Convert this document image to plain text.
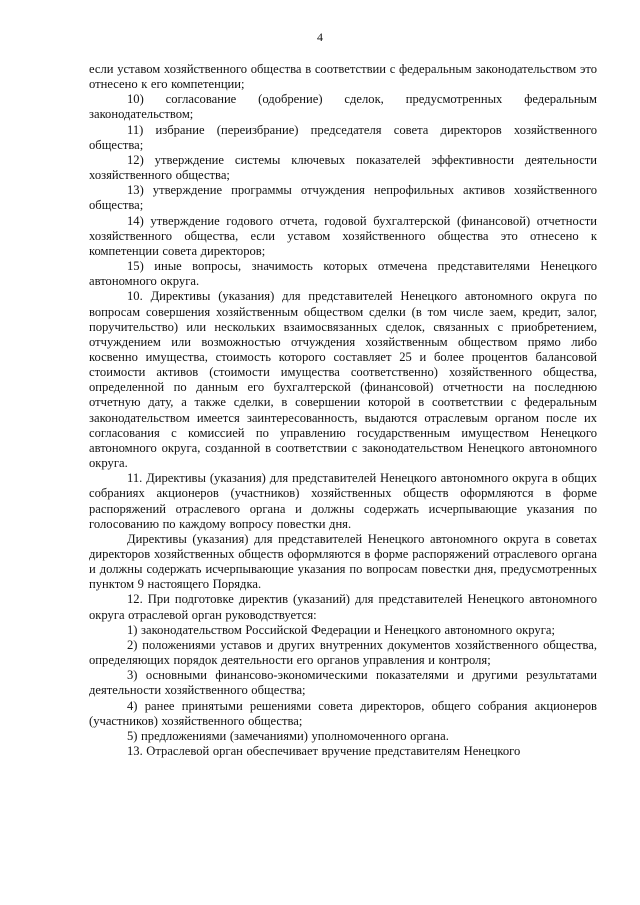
4

если уставом хозяйственного общества в соответствии с федеральным законодательством это отнесено к его компетенции;

10) согласование (одобрение) сделок, предусмотренных федеральным законодательством;

11) избрание (переизбрание) председателя совета директоров хозяйственного общества;

12) утверждение системы ключевых показателей эффективности деятельности хозяйственного общества;

13) утверждение программы отчуждения непрофильных активов хозяйственного общества;

14) утверждение годового отчета, годовой бухгалтерской (финансовой) отчетности хозяйственного общества, если уставом хозяйственного общества это отнесено к компетенции совета директоров;

15) иные вопросы, значимость которых отмечена представителями Ненецкого автономного округа.

10. Директивы (указания) для представителей Ненецкого автономного округа по вопросам совершения хозяйственным обществом сделки (в том числе заем, кредит, залог, поручительство) или нескольких взаимосвязанных сделок, связанных с приобретением, отчуждением или возможностью отчуждения хозяйственным обществом прямо либо косвенно имущества, стоимость которого составляет 25 и более процентов балансовой стоимости активов (стоимости имущества соответственно) хозяйственного общества, определенной по данным его бухгалтерской (финансовой) отчетности на последнюю отчетную дату, а также сделки, в совершении которой в соответствии с федеральным законодательством имеется заинтересованность, выдаются отраслевым органом после их согласования с комиссией по управлению государственным имуществом Ненецкого автономного округа, созданной в соответствии с законодательством Ненецкого автономного округа.

11. Директивы (указания) для представителей Ненецкого автономного округа в общих собраниях акционеров (участников) хозяйственных обществ оформляются в форме распоряжений отраслевого органа и должны содержать исчерпывающие указания по голосованию по каждому вопросу повестки дня.

Директивы (указания) для представителей Ненецкого автономного округа в советах директоров хозяйственных обществ оформляются в форме распоряжений отраслевого органа и должны содержать исчерпывающие указания по вопросам повестки дня, предусмотренных пунктом 9 настоящего Порядка.

12. При подготовке директив (указаний) для представителей Ненецкого автономного округа отраслевой орган руководствуется:

1) законодательством Российской Федерации и Ненецкого автономного округа;

2) положениями уставов и других внутренних документов хозяйственного общества, определяющих порядок деятельности его органов управления и контроля;

3) основными финансово-экономическими показателями и другими результатами деятельности хозяйственного общества;

4) ранее принятыми решениями совета директоров, общего собрания акционеров (участников) хозяйственного общества;

5) предложениями (замечаниями) уполномоченного органа.

13. Отраслевой орган обеспечивает вручение представителям Ненецкого
